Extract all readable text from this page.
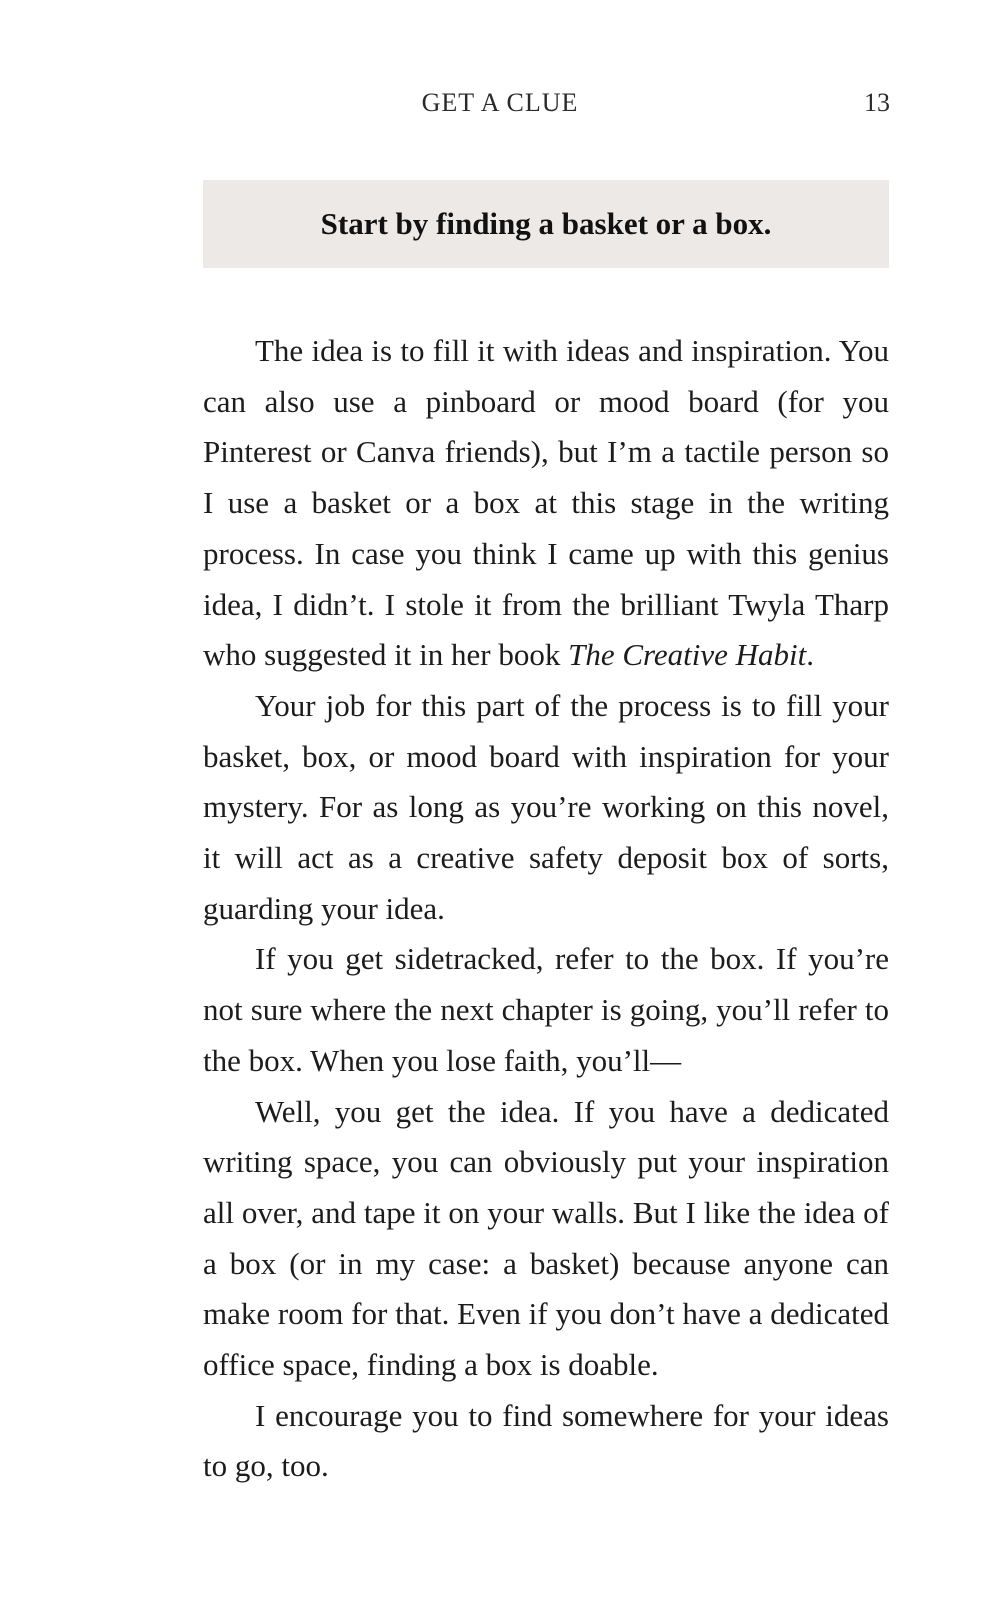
GET A CLUE	13
Start by finding a basket or a box.

The idea is to fill it with ideas and inspiration. You can also use a pinboard or mood board (for you Pinterest or Canva friends), but I’m a tactile person so I use a basket or a box at this stage in the writing process. In case you think I came up with this genius idea, I didn’t. I stole it from the brilliant Twyla Tharp who suggested it in her book The Creative Habit.

Your job for this part of the process is to fill your basket, box, or mood board with inspiration for your mystery. For as long as you’re working on this novel, it will act as a creative safety deposit box of sorts, guarding your idea.

If you get sidetracked, refer to the box. If you’re not sure where the next chapter is going, you’ll refer to the box. When you lose faith, you’ll—

Well, you get the idea. If you have a dedicated writing space, you can obviously put your inspiration all over, and tape it on your walls. But I like the idea of a box (or in my case: a basket) because anyone can make room for that. Even if you don’t have a dedicated office space, finding a box is doable.

I encourage you to find somewhere for your ideas to go, too.
